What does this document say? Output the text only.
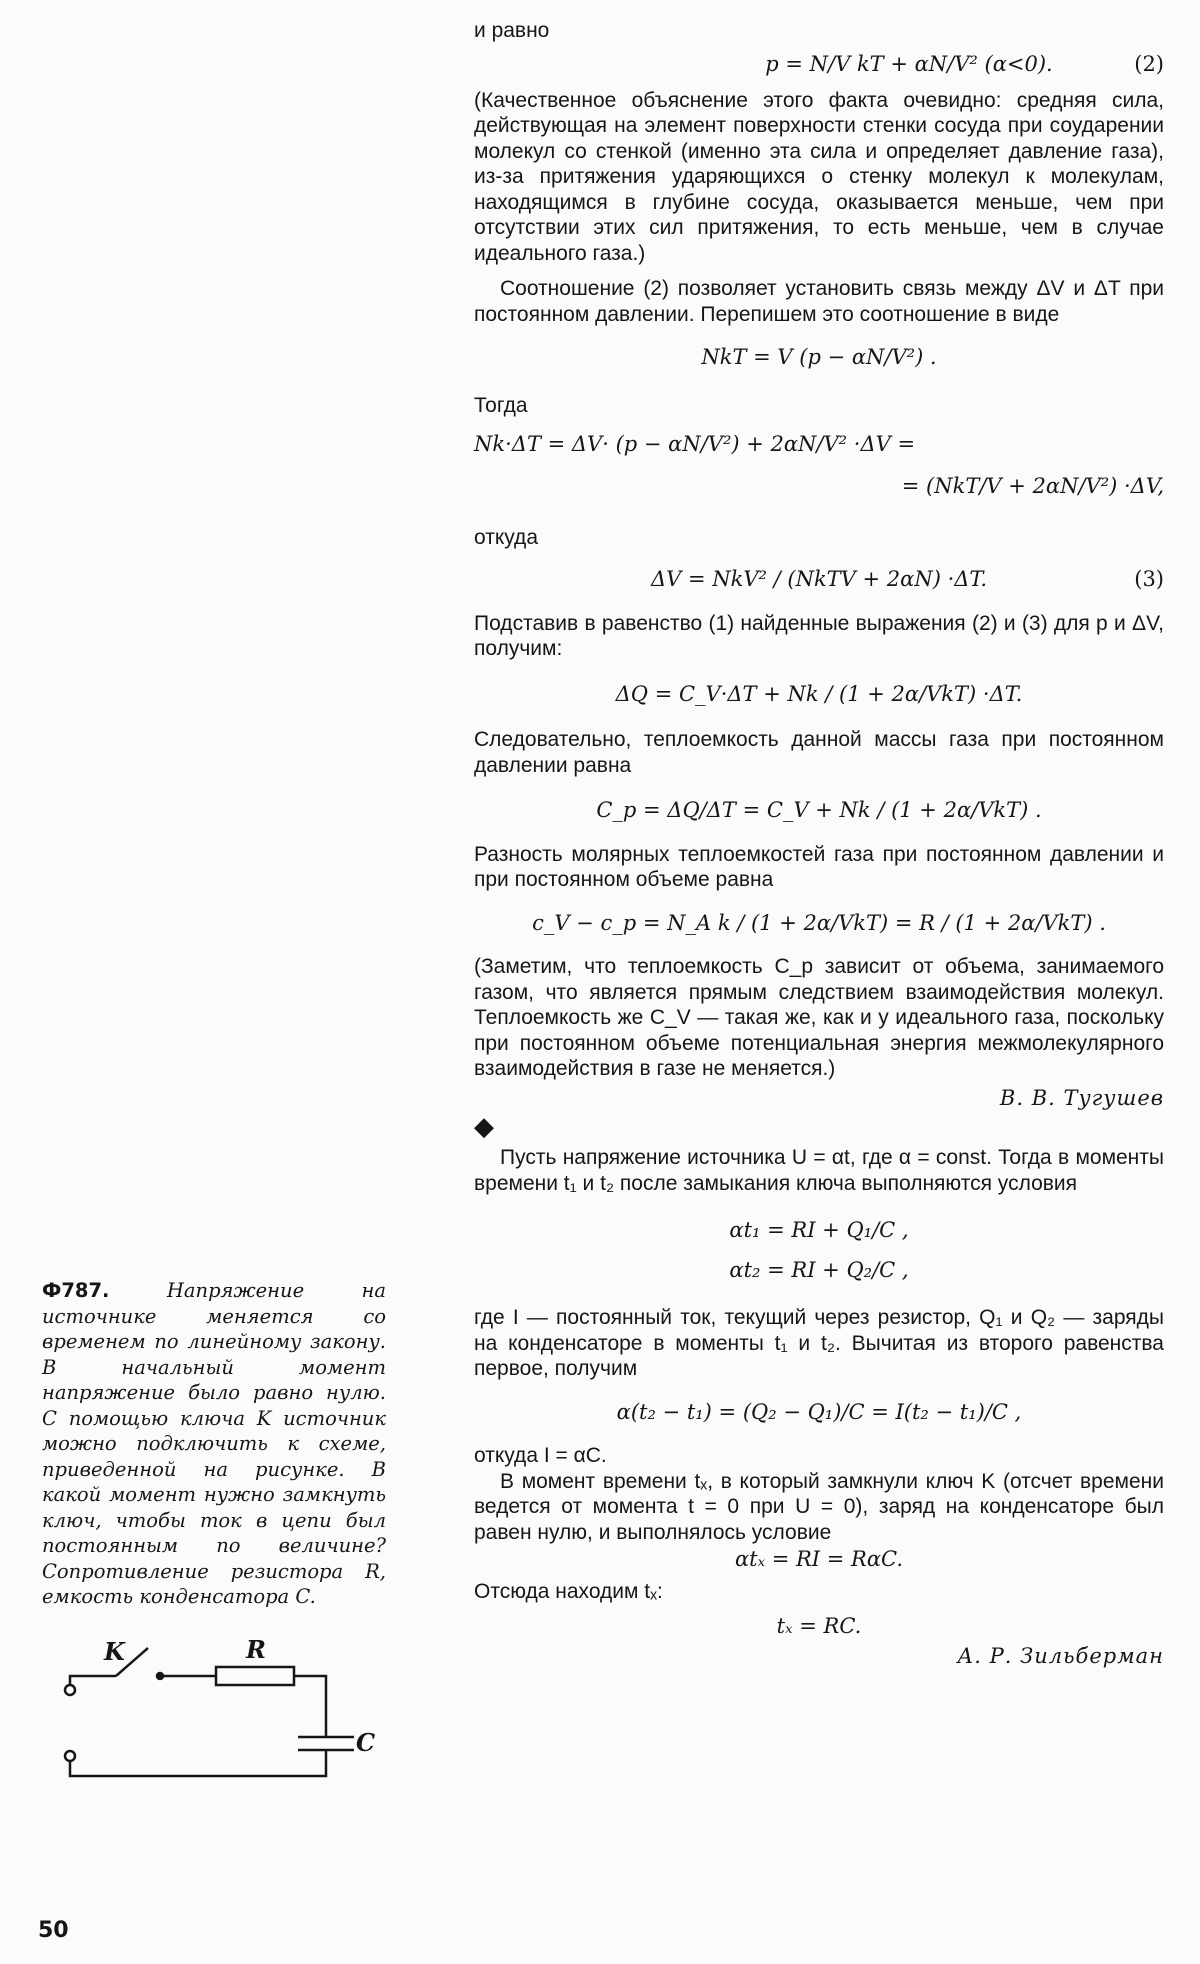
и равно

p = N/V kT + αN/V² (α<0).	(2)

(Качественное объяснение этого факта очевидно: средняя сила, действующая на элемент поверхности стенки сосуда при соударении молекул со стенкой (именно эта сила и определяет давление газа), из-за притяжения ударяющихся о стенку молекул к молекулам, находящимся в глубине сосуда, оказывается меньше, чем при отсутствии этих сил притяжения, то есть меньше, чем в случае идеального газа.)

Соотношение (2) позволяет установить связь между ΔV и ΔT при постоянном давлении. Перепишем это соотношение в виде

NkT = V (p − αN/V²) .

Тогда

Nk·ΔT = ΔV· (p − αN/V²) + 2αN/V² ·ΔV =
= (NkT/V + 2αN/V²) ·ΔV,

откуда

ΔV = NkV² / (NkTV + 2αN) ·ΔT.	(3)

Подставив в равенство (1) найденные выражения (2) и (3) для p и ΔV, получим:

ΔQ = C_V·ΔT + Nk / (1 + 2α/VkT) ·ΔT.

Следовательно, теплоемкость данной массы газа при постоянном давлении равна

C_p = ΔQ/ΔT = C_V + Nk / (1 + 2α/VkT) .

Разность молярных теплоемкостей газа при постоянном давлении и при постоянном объеме равна

c_V − c_p = N_A k / (1 + 2α/VkT) = R / (1 + 2α/VkT) .

(Заметим, что теплоемкость C_p зависит от объема, занимаемого газом, что является прямым следствием взаимодействия молекул. Теплоемкость же C_V — такая же, как и у идеального газа, поскольку при постоянном объеме потенциальная энергия межмолекулярного взаимодействия в газе не меняется.)

В. В. Тугушев
◆

Пусть напряжение источника U = αt, где α = const. Тогда в моменты времени t₁ и t₂ после замыкания ключа выполняются условия

αt₁ = RI + Q₁/C ,
αt₂ = RI + Q₂/C ,

где I — постоянный ток, текущий через резистор, Q₁ и Q₂ — заряды на конденсаторе в моменты t₁ и t₂. Вычитая из второго равенства первое, получим

α(t₂ − t₁) = (Q₂ − Q₁)/C = I(t₂ − t₁)/C ,

откуда I = αC.

В момент времени tₓ, в который замкнули ключ K (отсчет времени ведется от момента t = 0 при U = 0), заряд на конденсаторе был равен нулю, и выполнялось условие

αtₓ = RI = RαC.

Отсюда находим tₓ:

tₓ = RC.
А. Р. Зильберман
Ф787.	Напряжение на источнике меняется со временем по линейному закону. В начальный момент напряжение было равно нулю. С помощью ключа K источник можно подключить к схеме, приведенной на рисунке. В какой момент нужно замкнуть ключ, чтобы ток в цепи был постоянным по величине? Сопротивление резистора R, емкость конденсатора C.
K	R
C
50
